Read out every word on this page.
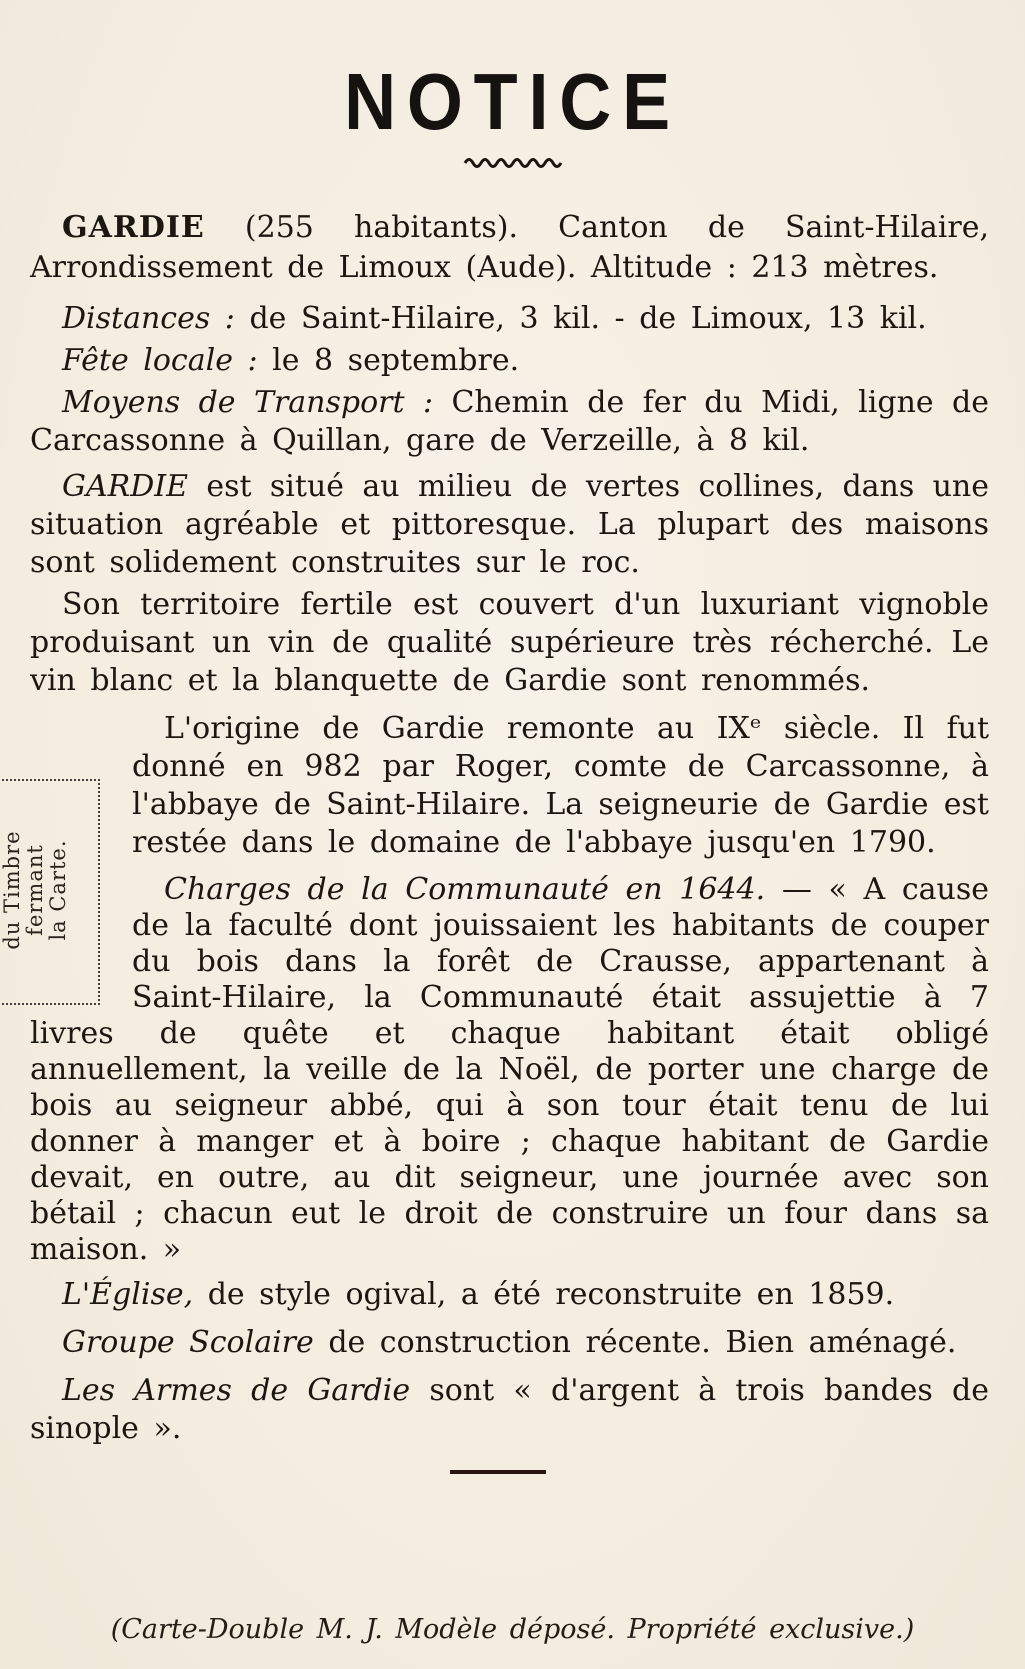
NOTICE

GARDIE (255 habitants). Canton de Saint-Hilaire, Arrondissement de Limoux (Aude). Altitude : 213 mètres.

Distances : de Saint-Hilaire, 3 kil. - de Limoux, 13 kil.

Fête locale : le 8 septembre.

Moyens de Transport : Chemin de fer du Midi, ligne de Carcassonne à Quillan, gare de Verzeille, à 8 kil.

GARDIE est situé au milieu de vertes collines, dans une situation agréable et pittoresque. La plupart des maisons sont solidement construites sur le roc.

Son territoire fertile est couvert d'un luxuriant vignoble produisant un vin de qualité supérieure très récherché. Le vin blanc et la blanquette de Gardie sont renommés.

L'origine de Gardie remonte au IXᵉ siècle. Il fut donné en 982 par Roger, comte de Carcassonne, à l'abbaye de Saint-Hilaire. La seigneurie de Gardie est restée dans le domaine de l'abbaye jusqu'en 1790.

Charges de la Communauté en 1644. — « A cause de la faculté dont jouissaient les habitants de couper du bois dans la forêt de Crausse, appartenant à Saint-Hilaire, la Communauté était assujettie à 7 livres de quête et chaque habitant était obligé annuellement, la veille de la Noël, de porter une charge de bois au seigneur abbé, qui à son tour était tenu de lui donner à manger et à boire ; chaque habitant de Gardie devait, en outre, au dit seigneur, une journée avec son bétail ; chacun eut le droit de construire un four dans sa maison. »

L'Église, de style ogival, a été reconstruite en 1859.

Groupe Scolaire de construction récente. Bien aménagé.

Les Armes de Gardie sont « d'argent à trois bandes de sinople ».

du Timbre fermant la Carte.
(Carte-Double M. J. Modèle déposé. Propriété exclusive.)
